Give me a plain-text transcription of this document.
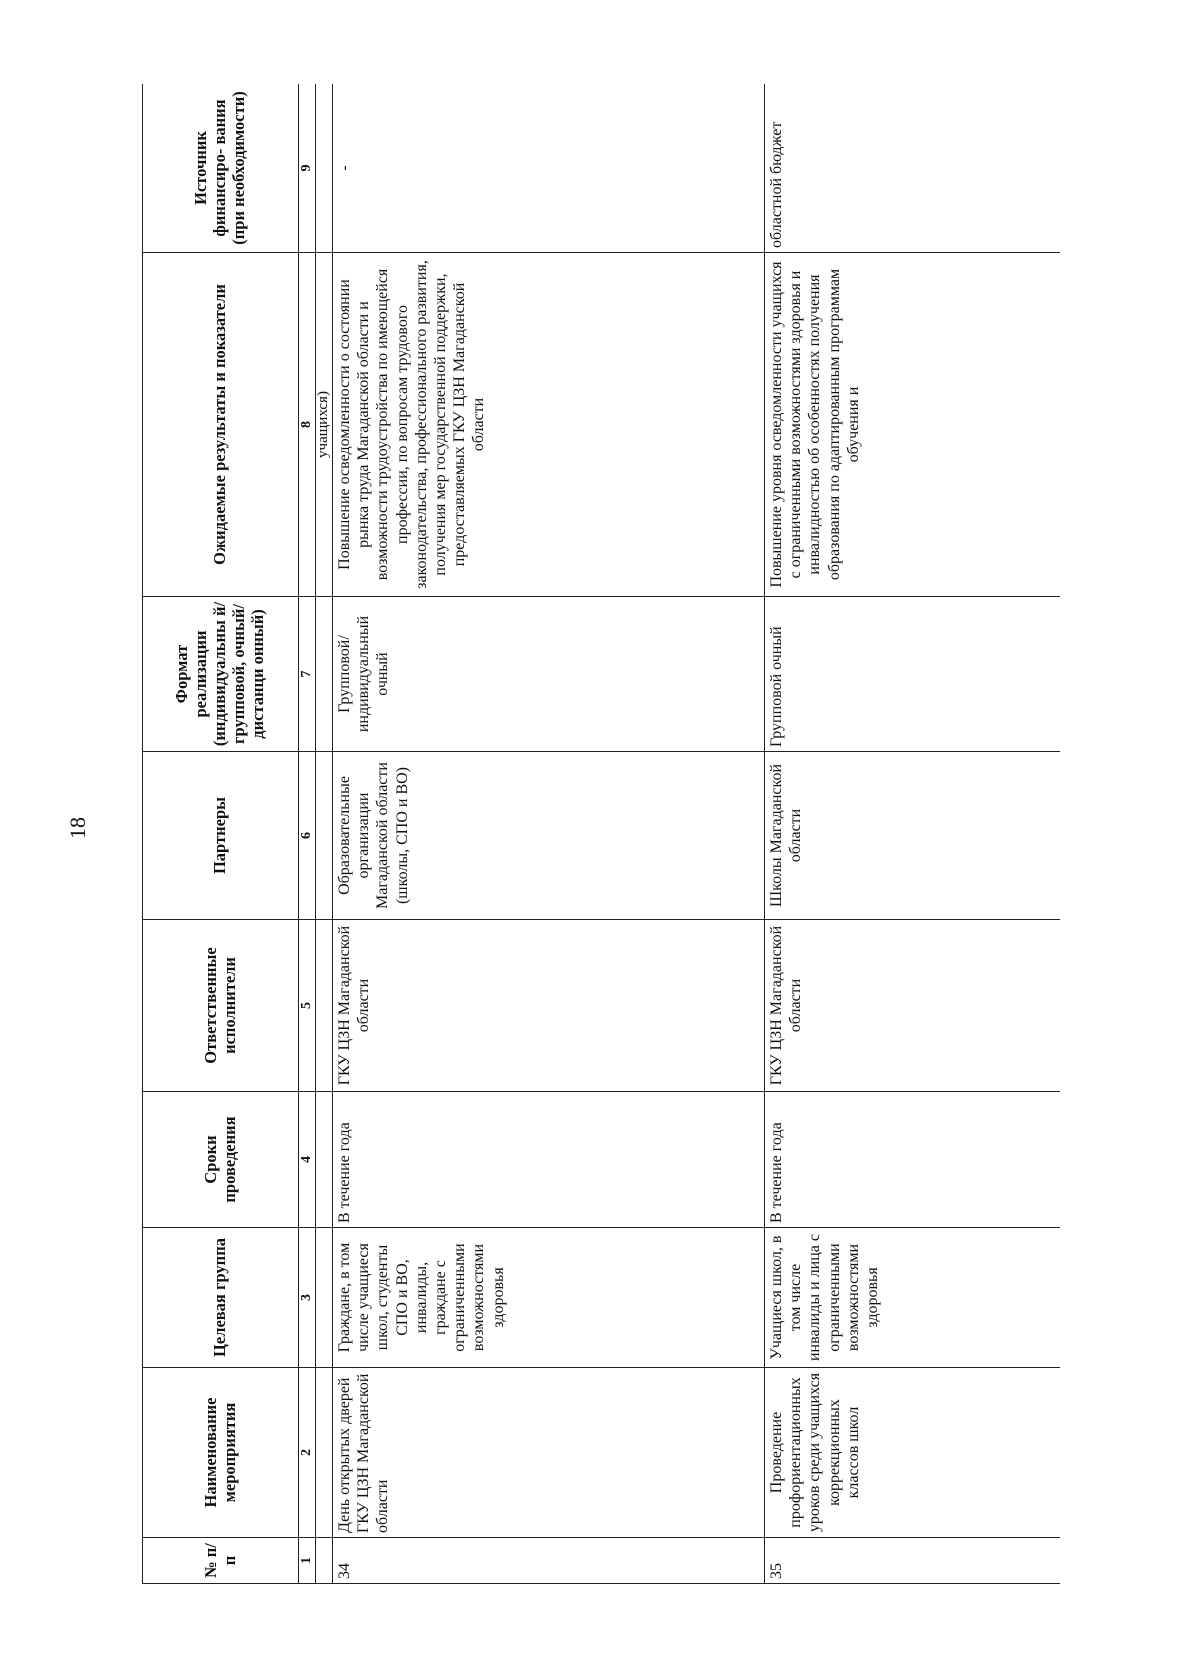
18
№ п/п	Наименование мероприятия	Целевая группа	Сроки проведения	Ответственные исполнители	Партнеры	Формат реализации (индивидуальны й/групповой, очный/дистанци онный)	Ожидаемые результаты и показатели	Источник финансиро- вания (при необходимости)
1	2	3	4	5	6	7	8	9
							учащихся)	
34	День открытых дверей ГКУ ЦЗН Магаданской области	Граждане, в том числе учащиеся школ, студенты СПО и ВО, инвалиды, граждане с ограниченными возможностями здоровья	В течение года	ГКУ ЦЗН Магаданской области	Образовательные организации Магаданской области (школы, СПО и ВО)	Групповой/ индивидуальный очный	Повышение осведомленности о состоянии рынка труда Магаданской области и возможности трудоустройства по имеющейся профессии, по вопросам трудового законодательства, профессионального развития, получения мер государственной поддержки, предоставляемых ГКУ ЦЗН Магаданской области	-
35	Проведение профориентационных уроков среди учащихся коррекционных классов школ	Учащиеся школ, в том числе инвалиды и лица с ограниченными возможностями здоровья	В течение года	ГКУ ЦЗН Магаданской области	Школы Магаданской области	Групповой очный	Повышение уровня осведомленности учащихся с ограниченными возможностями здоровья и инвалидностью об особенностях получения образования по адаптированным программам обучения и	областной бюджет
